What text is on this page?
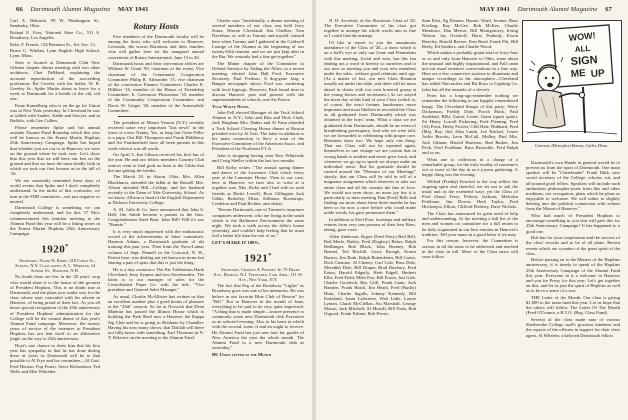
66 Dartmouth Alumni Magazine MAY 1941

Carl A. Bebrook, 99 W. Washington St., Sandusky, Ohio.

Roland E. Foss, National Shoe Co., 511 S. Broadway, Los Angeles.

Robt. F. French, 134 Bermont St., Atl. Soc. Ct.

Bruce C. Whelan, Lynn English High School, Lynn, Mass.

Stew is located at Dartmouth Club New Orleans chapter dinner meeting with two other architects; Chet DeMond, explaining the accurate reproduction of the succeeding profession; Bri Cowles with his holler, W. B. Greeley Sr.; Spike Martin about to leave for a week at Dartmouth for a breath of the old, old one.

Ernie Kanzelberg who is on the go for Union was in New York yesterday. In Cleveland he saw or talked with Sauber, Kahle and Sawyer, and in Buffalo, with Geo Cullen.

Please remember Spike and his annual outstate Alumni Fund Roundup which this year will be known as the Ernest Martin Hopkins 25th Anniversary Campaign. Spike has hoped that whether you are out or in Hanover, we were on the ground where he took over. Let's show him this year that we still have our feet on the ground and that we have the same kindly faith in which we took our first lessons as in the fall of '16.

We are constantly reminded these days of world events that Spike and I don't completely understand. In the midst of this confusion, we turn to the FDR committee—not just negative or neutral.

Dartmouth College is something we can completely understand, and for this '17 Mo's commencement this familiar meeting to the Alumni Fund this year will be a fitting series in the Ernest Martin Hopkins 25th Anniversary Campaign.

1920*

Secretary, Frank N. Kirby, 318 Cabot St., Albany, N.Y. Class agent, A. L. Wheeler, 14 School St., Hanover, N.H.

No doubt there are few in the '20 years' crop who would share it to the honor of the greatest of President Hopkins. This is no doubt true at Dartmouth, and the plans now under way for the class whose start coincided with his advent in Hanover, of being proud of their fact. As you all know special recognition of the 25th anniversary of President Hopkins' administration for the College will be the central theme of this year's Alumni Fund campaign. Moreover, the twenty years of service of the treasurer to President Hopkins has not lent itself to an alliterative jingle on the way to 25th anniversary.

Hoyt's one chance to show him that his first year has sympathy in that he has done during these at years as Dartmouth will be to that possible to Al Frye and his committee—Al Gott, Fred Hooton, Pop Foster, Steve Richardson, Ted Wells and Mae Whiteher.

Rotary Hosts

Five members of the Dartmouth faculty will be among the hosts who will welcome to Hanover, Colorado, the scores Rotarians and their families who will gather here for the inaugural annual convention of Rotary International, June 13 to 20.

Dartmouth hosts and their convention offices are William W. Grant '99, chairman of the event; Vice chairman of the Community Cooperation Committee Philip R. Alexander '13, vice chairman of the convention Finance Committee; Charles E. Hilliker '16, member of the House of Friendship Committee; E. Greenrose Pleasonton '18, member of the Community Cooperation Committee; and Davis W. Geiger '20, member of the Automobile Committee.

The president of Mount Vernon (N.Y.) recently received some very important "last news" in the form of a new Nanny. Yes, at long last Gene Feller is a papa. Our Bill Thompson and Frank Hiddleroy and Art Frankenfield have all been parents in this week when it was all worth.

On April 5, Jim Gibson received his first fun of the year. He and two fellow members Country Club seniors went to find gods on hunt to the Gibbs that the one getting the breaks.

The March 18, in Akron, Ohio, Mrs. Allen Blackhurst, attended the tidbit at the Russell Mrs. Alison attended Hill—College, and her husband recently to the Dean of Yale University, School. As we know, Allison is head of the English Department at Dickens University College.

A. M. Jaffa & Co. have announced that John S. Hall, Jim Smith became a partner in the firm. Congratulations Steel Boat, John Hill! Will it's our "Rennie."

It is very much impressed with the enthusiastic record of the achievements of labor committee, Harmon Adams, a Dartmouth graduate of ski training this past year. Then from the Nova-Lamar column of Sept. Pennell in the Concord, N. H., Patriot here, was dealing not yet known in terms but sharing a pair of spats that this is just the thing.

He is a tiny connector. The Pat Tuftbottom Hank Cleveland, Jerry Symms and two Sweetsmiths. The latest is to our manager of sales for the Consolidated Paper Co. with the title. "Vice president and General Sales Manager."

As usual, Charlie McAllister has written us that an excellent number plus a good bonus of pleasure at the "25th" session. So far at Norwich that Dean Madeira has passed the Illinois House which is building the Park Shed now a Hanover the Kappa Sig Club and he is going to Brisbane by Chandler. Having his now many shows, that Dalilah will there not fully know with something. Earl Thomson in N. Y. Relative on the meeting to the Alumni Fund.

Charlie says "Incidentally, a dinner meeting of several members of our class was held Jerry Soma, Warren Cleveland, Jim Chellies, Tom Davidson, as well as Tommy and myself, missed here when Tommy and I gathered in the Caldwell Lounge of the Alumni at the beginning of our twenty-fifth reunion, and we are just kept alert in the Bar. We certainly had a fine get-together."

The Maine chapter of the Committee to Defend America by Aiding the Allies, in a recent meeting, elected John Hall Ford, Executive Secretary, Paul Fredson. A dog-gone long a Bangor newspaper shows Ford was conferring with local bigwigs. However, Paul found time to discuss Hanover past and present with the superintendents of schools, one Art Pearce.

Yuck Wolfe Notes.

John Fell elected Manager of the Tuck School Alumni in N.Y.; John and Rita and Dick Clark, Jack Bingham Mrs. Dubes and Al Fenn attended a Tuck School Clearing House dinner at Boston presided over by Al Gett. The latter in addition to his main connection is Secy a man of the Executive Committee of the American Assoc. and President of the Northeast P.T.A.

John is shopping having seen New Whiteside and Craig Sheller within the last two months.

Bill Kirby writes: "The annual spring dinner and dance of the Lawrence Club which every year at the Lancaster House. Then in our case, here at Hanover, we hear also to write at it together sure. Mrs. Kirby and I had with us such friends as Bertie Lowell, Boot Gillington Jack Gibbs, Berkeley, Elliot, Stillmun, Bootstraps, Cordeton and Paul Richter, and others.

"Recent Dartmouth, one of Trenton's insurance companies underwent, who are living in the south which is the Baltimore Environment the same night. We took a walk across the folks's house yesterday, and couldn't help feeling that he must feel a better life than the rest of us."

LET'S MAKE IT 100%.

1921*

Secretary, Charles A. Pinkney Jr. 75 Drake Ave., Roselle, N.J. Treasurer, Carl April, 111 W. Ave., New York, N.Y.

The fact that Peg of the Broadway "Lights" as Broadway goes was one of his memories. He was before in our favorite Blue Club of Boston" for "Bill." But in Hanover in the month of June, everything to be said to be very quite impressed. "A thing that is made simple—trustee presence to commonly some new Dartmouth club Executive as an selected evening. Also to his basis in which with the second, some of and an ought to receive. He Alumni Fund has just sent four his grades of New America the year the whole month. The Alumni Fund to a new Dartmouth club as yesterday,"

BU Union letter of the Month

MAY 1941 Dartmouth Alumni Magazine 67

N. H. Secretary of the Illustrious Class of '20. The Executive Committee of his class got together to arrange the whole works into as fine as I could find the attempt.

I'd like to report to you the unanimous attendance of the Class of '20—a show which is on a bull's eye as only our Gene and Frennskins with this meeting, Jovial and wise, has this fun finding not a word of brevity to ourselves and to our now so meeting you and your new members under the sales, without good relations until age. (As a matter of fact, our new Class Reunion usually set under the table, and there will be more ahead in chairs with our own honored group at the young bosses and secretaries.) As we stayed the noon day in this kind of your Class (which is, of course, the exact fortune, handsomer, more important and most likeliest in recorded the Class as all graduated from Dartmouth) which was obtained in the boys' team. What a class we are graduated from Dartmouth, should be an event of breathtaking grotesquery. And who we were told, we are forwarded to celebrating with proper care. Reunions show two. We hope only one thing: That our Class will not be repeated again, themselves to one vintage we are certain that in wrong hands is another and never grew back, and whenever we go up to speak we always make an individual noise. But his gratitude should be carried around the "Pleasure of our Meetings" shortly, that our Class will be told in roll of a magazine assignment which deserves to take our entire class and all the country the fine of Jove. We would not even show, no more joy but it is particularly to miss meeting Dan (Fred) Bills and finding out more about these three months he has been so far now a once before who could make noble-words, his gave pronounce them."

In addition to Fred Foss, footsteps and military returns from very one persons of their best Rees, taking, gave were:

Allen Anderson, Roger (Fred Perry) Red Bell, Red Merle, Bailey, Fred (Dogboy) Baker, Ralph Bedhinger, Bob Black, John Bonney, Bob Bennel, Ted Birchill, Gerry Brough, Ernest Burton, Jim Burk, Ralph Buttenheim, Bill Carter, Dick Carmine, Al Cheney, Carl Cole, Russ Dale, Meredith Dole, Bill Draper, Brad Duxbury, Fred Eaton, Harold Edgerly, Herb Edgell, Herbert Ellis, Fred Field, Mike Fox, Bill Foster, Jim Gale, Charlie Goodrich, Ray Grill, Frank Gunn, Jack Hamlen, Frank Hatch, Jim Heath, Fred (Bushy) Hunt, Charlie Ingalls, Johnny Kennedy, Bill Kneeland, Jonas Laferriere, Walt Little, Laurie Lyman, Chuck McClellan, Stu Marshall, George Mason, Jack Mitchell, Al Morrill, Bill Nash, Bob Osgood, Frank Palmer, Bob Perrin.

Sam Eliot, Eg Eleazer, Homer, Ward, Jerome, Russ Kiwling, Ray McGee, Bob McKee, Charlie Meadows, Dan Mercer, Bill Montgomery, Irving Nelson, Jay Overhoff, Harry Peabody, Erwin Reavley, Harold Revere, Ken Read, Frank Pitt, Bill Reely, Ed Sanders, and Charlie Wood.

Which makes a probably grand total of forty-four or so and only from Hanover to Ohio, some about the unusual and highly inspirational, and Fall came not our usual tentative conversations in a fine way. Here are a few connective stations to illuminate and unique recordings in the atmosphere—Cleveland has added Nutcracker and Bit Boys to Lighting Co. (also has all the remarks of a clever).

Peter has a long-ago-remember nothing we remember the following to our happily remembered happy. The Cleveland Sharps of this party: Wavy Dickenson, Freddy Daly, Pooch Mack, Paul Stoddard, Billy Gaiter, Lester Grant (quasi quite). Sir Henry Lowell Pickering, Fred Fleming, Fred (Al) Frost, Herby Fowler, Cliff Hale, Hubbard, Fred (Maj. Ray, the) John Lamb, Joe Kitchel, Lester Joslin Brooks, Leon McCall, Mulley, Bud Mix, Jack Gilman, Harold Harrison, Bud Barker, Jim Peck, Fred Fordham, Russ Reynolds, Fred Ralph and so on.

What one to collection in a charge of a remarkable group, for the truly worthy of someone's wit or exact of the day in as a joyous gathering. A happy thing was the evening.

Wilfrid (Freddy) Kruchel to the way reflect the ongoing spirit and cheerful, we set out to ask the usual and as the extended ways yet the Class of Fred (Sam) Ferry, Felicity Jackson, Malcolm Pettibone, Jim Dower, Herb Taylor, Fred Hockenjos, Elliott, Clifford Flaherty, Dave Nichols.

The Class has announced its great need of help and understanding. At the meeting a full list of the men and women on committee for a full return to be fully acquainted in our best reunion in Hanover's tradition. Tell your name in a good letter if we may.

For this reason, however, the Committee is serious in all the areas to be addressed and reached in the class in full. More of the Class news will soon follow.

WOW!
ALL
SIGN
ME UP
Cartoon: (Hereafter) Brown, Cutler, Dean

Dartmouth's own Hands in general would be to prevent us from the sport of Dartmouth. One main speaker will be "Cheerleader" Frank Dikk, new social secretary of the College, scholar, wit, and all-around good fellow. Speakers will include such enthusiasts philosopher-poets from this and other mediums, our occupation, plans which he plans as enjoyable to welcome. We will rather to slightly delving into the political connection with echoes from the Mount of Hanover."

Who had much of President Hopkins to encourage something in you that will give this for 25th Anniversary Campaign? It has happened to a good one.

Bob has for your cooperation and the success of the class' records and to be of all plans. Recent events which are a matter of the great spirit of the class.

Before passing on to the Matters of the Hopkins anniversary, it is timely to speak of the Hopkins 25th Anniversary Campaign of the Alumni Fund this year. Everyone in it a welcome to Hanover and you for Prexy for this year. Let's get together on this, and let us join the spirit of Hopkins as well as to be in a sense of a sort.

THE Letter of the Month. Our class is giving $1,000 to the main fund this year. Let us hope that the others will follow. The Letter Of The Month (Fred O'Connor, a R.T.O. (Reg. Class Fund)

Several of the class made note of various Sherbrooke College staff's gracious kindness and the reports of the officers in support for their class agent, Al Wheeler, a beloved Dartmouth fellow.
